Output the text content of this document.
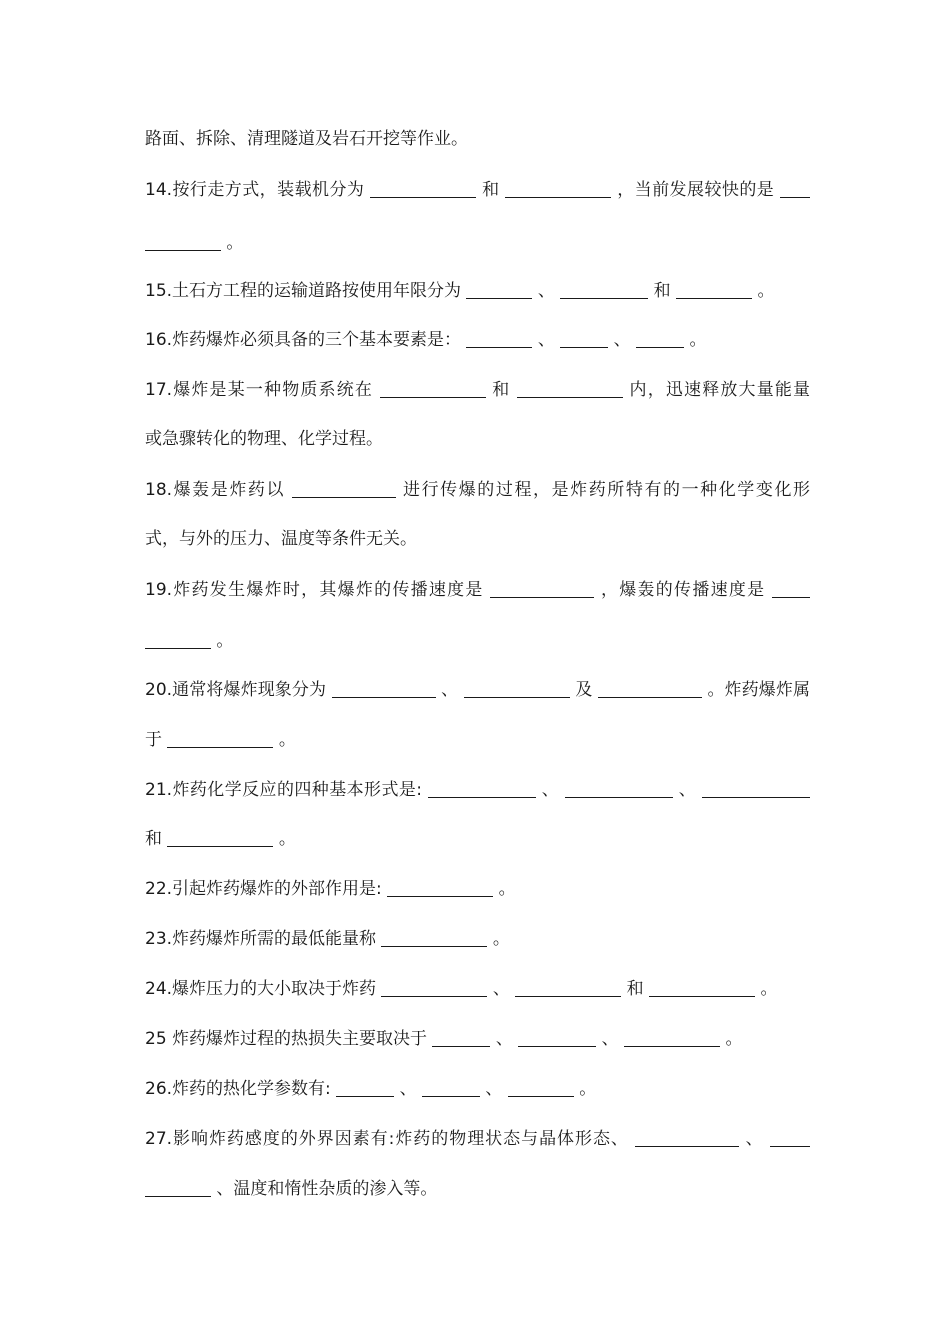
路面、拆除、清理隧道及岩石开挖等作业。
14.按行走方式，装载机分为	和	，当前发展较快的是
。
15.土石方工程的运输道路按使用年限分为	、	和	。
16.炸药爆炸必须具备的三个基本要素是：	、	、	。
17.爆炸是某一种物质系统在	和	内，迅速释放大量能量
或急骤转化的物理、化学过程。
18.爆轰是炸药以	进行传爆的过程，是炸药所特有的一种化学变化形
式，与外的压力、温度等条件无关。
19.炸药发生爆炸时，其爆炸的传播速度是	，爆轰的传播速度是
。
20.通常将爆炸现象分为	、	及	。炸药爆炸属
于	。
21.炸药化学反应的四种基本形式是:	、	、
和	。
22.引起炸药爆炸的外部作用是:	。
23.炸药爆炸所需的最低能量称	。
24.爆炸压力的大小取决于炸药	、	和	。
25 炸药爆炸过程的热损失主要取决于	、	、	。
26.炸药的热化学参数有:	、	、	。
27.影响炸药感度的外界因素有:炸药的物理状态与晶体形态、	、
、温度和惰性杂质的渗入等。
